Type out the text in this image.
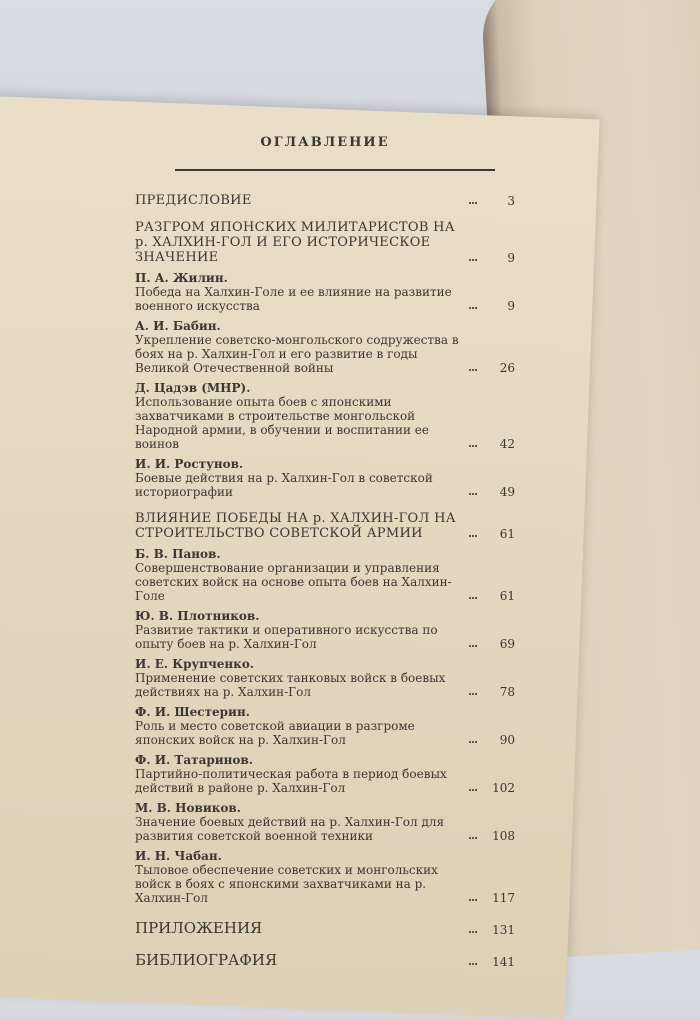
ОГЛАВЛЕНИЕ
ПРЕДИСЛОВИЕ	3
РАЗГРОМ ЯПОНСКИХ МИЛИТАРИСТОВ НА р. ХАЛХИН-ГОЛ И ЕГО ИСТОРИЧЕСКОЕ ЗНАЧЕНИЕ	9
П. А. Жилин.
Победа на Халхин-Голе и ее влияние на развитие военного искусства	9
А. И. Бабин.
Укрепление советско-монгольского содружества в боях на р. Халхин-Гол и его развитие в годы Великой Отечественной войны	26
Д. Цадэв (МНР).
Использование опыта боев с японскими захватчиками в строительстве монгольской Народной армии, в обучении и воспитании ее воинов	42
И. И. Ростунов.
Боевые действия на р. Халхин-Гол в советской историографии	49
ВЛИЯНИЕ ПОБЕДЫ НА р. ХАЛХИН-ГОЛ НА СТРОИТЕЛЬСТВО СОВЕТСКОЙ АРМИИ	61
Б. В. Панов.
Совершенствование организации и управления советских войск на основе опыта боев на Халхин-Голе	61
Ю. В. Плотников.
Развитие тактики и оперативного искусства по опыту боев на р. Халхин-Гол	69
И. Е. Крупченко.
Применение советских танковых войск в боевых действиях на р. Халхин-Гол	78
Ф. И. Шестерин.
Роль и место советской авиации в разгроме японских войск на р. Халхин-Гол	90
Ф. И. Татаринов.
Партийно-политическая работа в период боевых действий в районе р. Халхин-Гол	102
М. В. Новиков.
Значение боевых действий на р. Халхин-Гол для развития советской военной техники	108
И. Н. Чабан.
Тыловое обеспечение советских и монгольских войск в боях с японскими захватчиками на р. Халхин-Гол	117
ПРИЛОЖЕНИЯ	131
БИБЛИОГРАФИЯ	141
